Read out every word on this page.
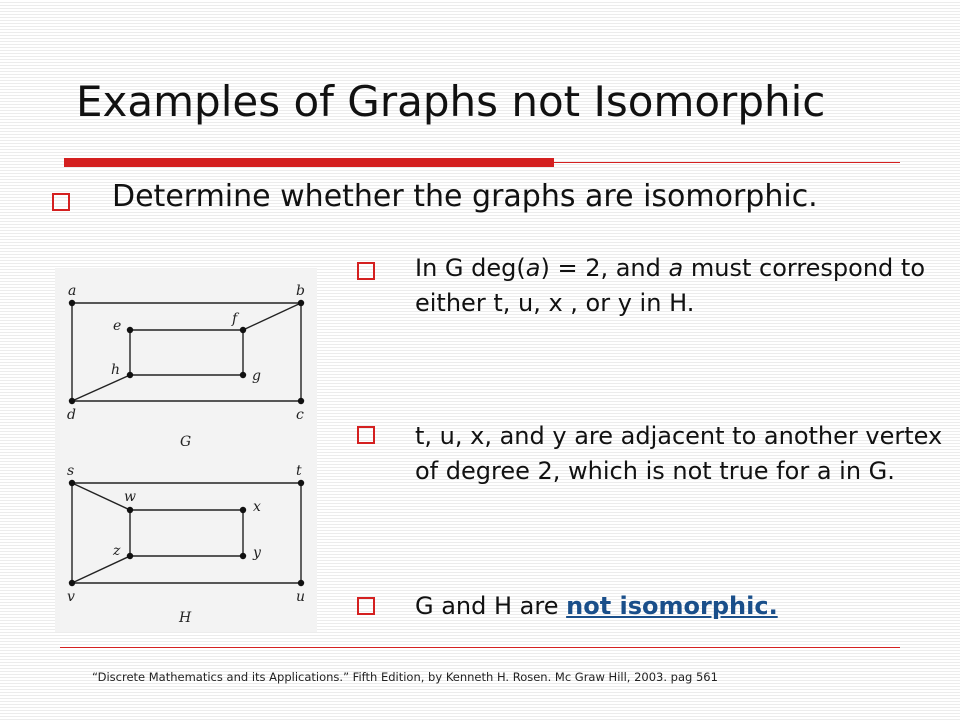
Examples of Graphs not Isomorphic

Determine whether the graphs are isomorphic.

a	b
c
d
e	f
g
h
G
s	t
u
v
w
x
y
z
H

In G deg(a) = 2, and a must correspond to either t, u, x , or y in H.

t, u, x, and y are adjacent to another vertex of degree 2, which is not true for a in G.

G and H are not isomorphic.

“Discrete Mathematics and its Applications.” Fifth Edition, by Kenneth H. Rosen. Mc Graw Hill, 2003. pag 561
